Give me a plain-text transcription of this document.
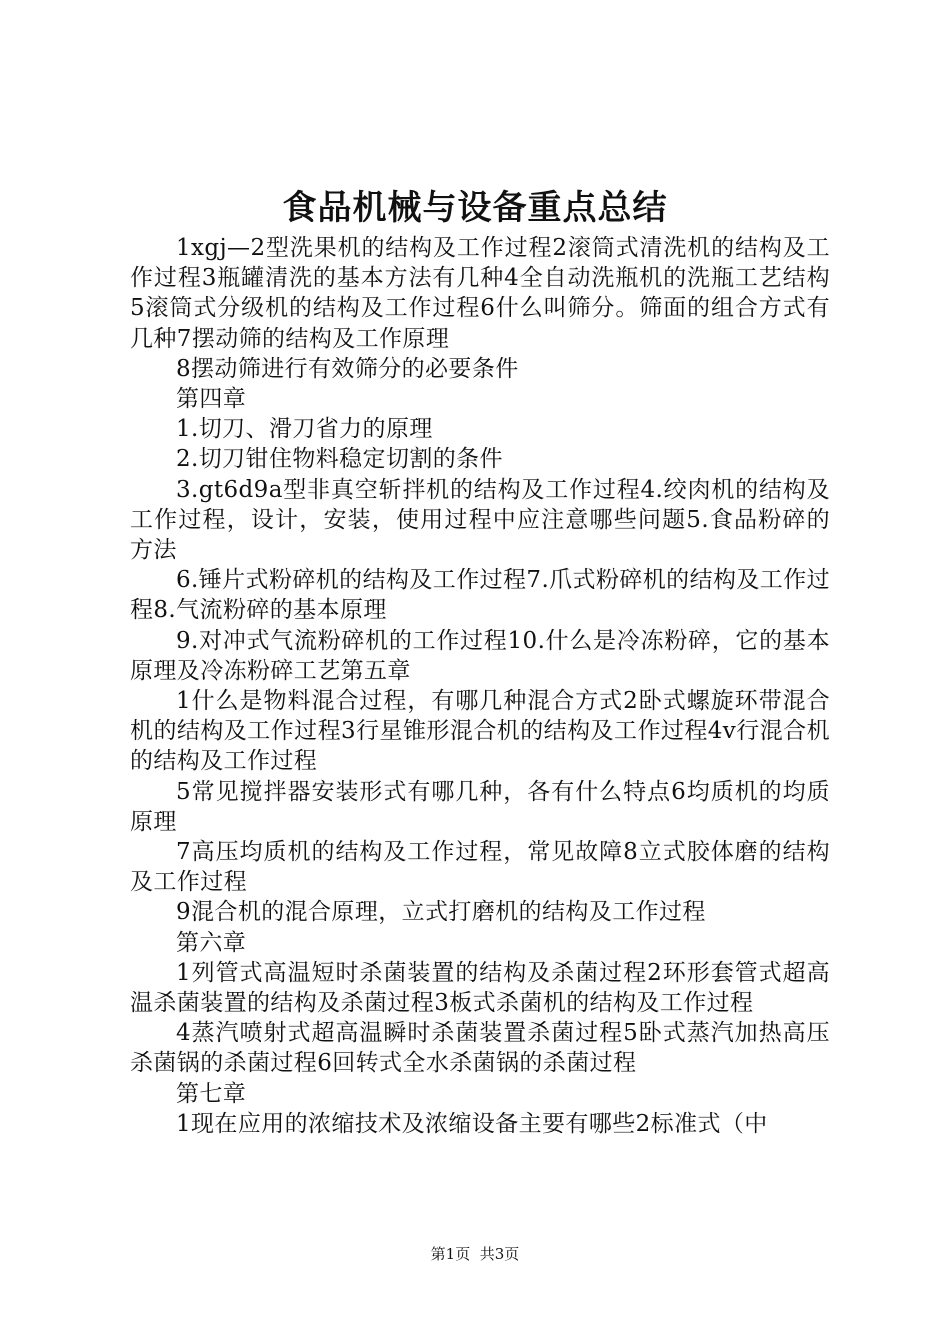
食品机械与设备重点总结

1xgj—2型洗果机的结构及工作过程2滚筒式清洗机的结构及工作过程3瓶罐清洗的基本方法有几种4全自动洗瓶机的洗瓶工艺结构5滚筒式分级机的结构及工作过程6什么叫筛分。筛面的组合方式有几种7摆动筛的结构及工作原理

8摆动筛进行有效筛分的必要条件

第四章

1.切刀、滑刀省力的原理

2.切刀钳住物料稳定切割的条件

3.gt6d9a型非真空斩拌机的结构及工作过程4.绞肉机的结构及工作过程，设计，安装，使用过程中应注意哪些问题5.食品粉碎的方法

6.锤片式粉碎机的结构及工作过程7.爪式粉碎机的结构及工作过程8.气流粉碎的基本原理

9.对冲式气流粉碎机的工作过程10.什么是冷冻粉碎，它的基本原理及冷冻粉碎工艺第五章

1什么是物料混合过程，有哪几种混合方式2卧式螺旋环带混合机的结构及工作过程3行星锥形混合机的结构及工作过程4v行混合机的结构及工作过程

5常见搅拌器安装形式有哪几种，各有什么特点6均质机的均质原理

7高压均质机的结构及工作过程，常见故障8立式胶体磨的结构及工作过程

9混合机的混合原理，立式打磨机的结构及工作过程

第六章

1列管式高温短时杀菌装置的结构及杀菌过程2环形套管式超高温杀菌装置的结构及杀菌过程3板式杀菌机的结构及工作过程

4蒸汽喷射式超高温瞬时杀菌装置杀菌过程5卧式蒸汽加热高压杀菌锅的杀菌过程6回转式全水杀菌锅的杀菌过程

第七章

1现在应用的浓缩技术及浓缩设备主要有哪些2标准式（中

第1页 共3页
